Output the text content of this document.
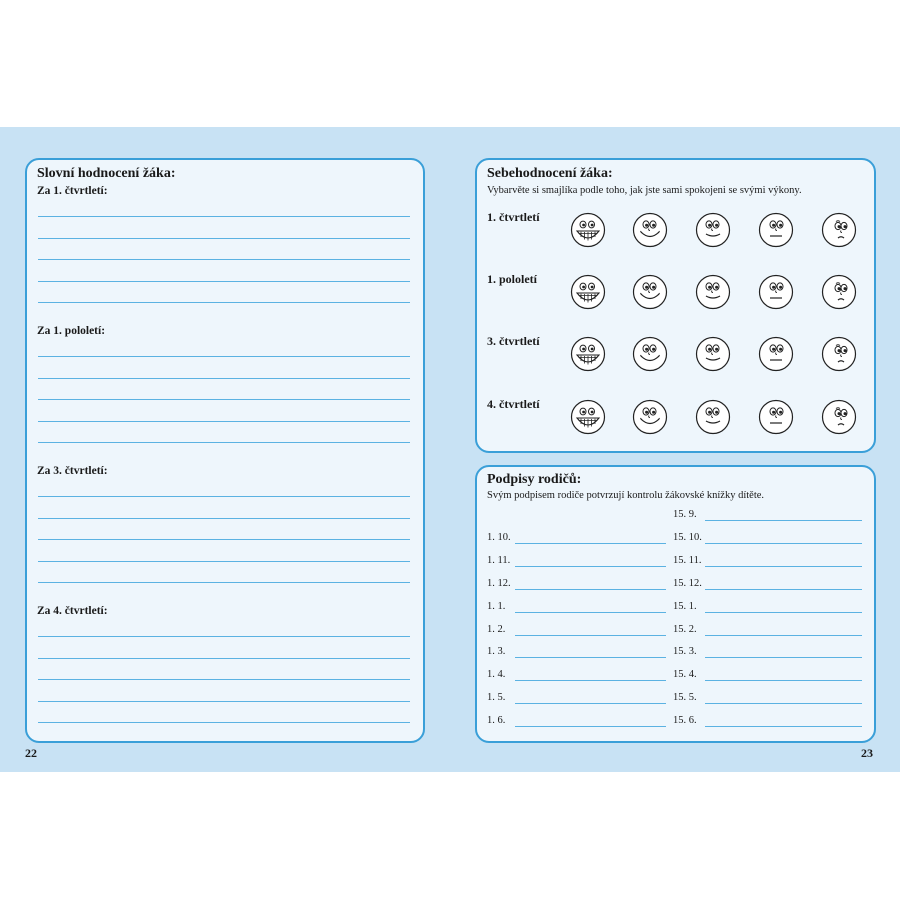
Slovní hodnocení žáka:
Za 1. čtvrtletí:
Za 1. pololetí:
Za 3. čtvrtletí:
Za 4. čtvrtletí:
22
Sebehodnocení žáka:
Vybarvěte si smajlíka podle toho, jak jste sami spokojeni se svými výkony.
1. čtvrtletí
1. pololetí
3. čtvrtletí
4. čtvrtletí
Podpisy rodičů:
Svým podpisem rodiče potvrzují kontrolu žákovské knížky dítěte.
15. 9.
15. 10.
15. 11.
15. 12.
15. 1.
15. 2.
15. 3.
15. 4.
15. 5.
15. 6.
1. 10.
1. 11.
1. 12.
1. 1.
1. 2.
1. 3.
1. 4.
1. 5.
1. 6.
23
